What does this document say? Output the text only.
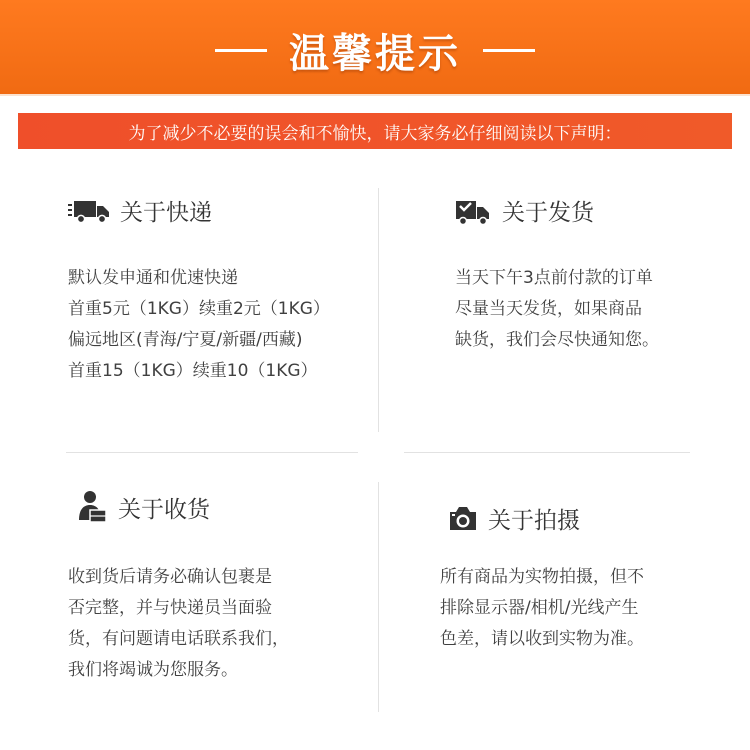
温馨提示
为了减少不必要的误会和不愉快，请大家务必仔细阅读以下声明：
关于快递
默认发申通和优速快递
首重5元（1KG）续重2元（1KG）
偏远地区(青海/宁夏/新疆/西藏)
首重15（1KG）续重10（1KG）
关于发货
当天下午3点前付款的订单
尽量当天发货，如果商品
缺货，我们会尽快通知您。
关于收货
收到货后请务必确认包裹是
否完整，并与快递员当面验
货，有问题请电话联系我们，
我们将竭诚为您服务。
关于拍摄
所有商品为实物拍摄，但不
排除显示器/相机/光线产生
色差，请以收到实物为准。
